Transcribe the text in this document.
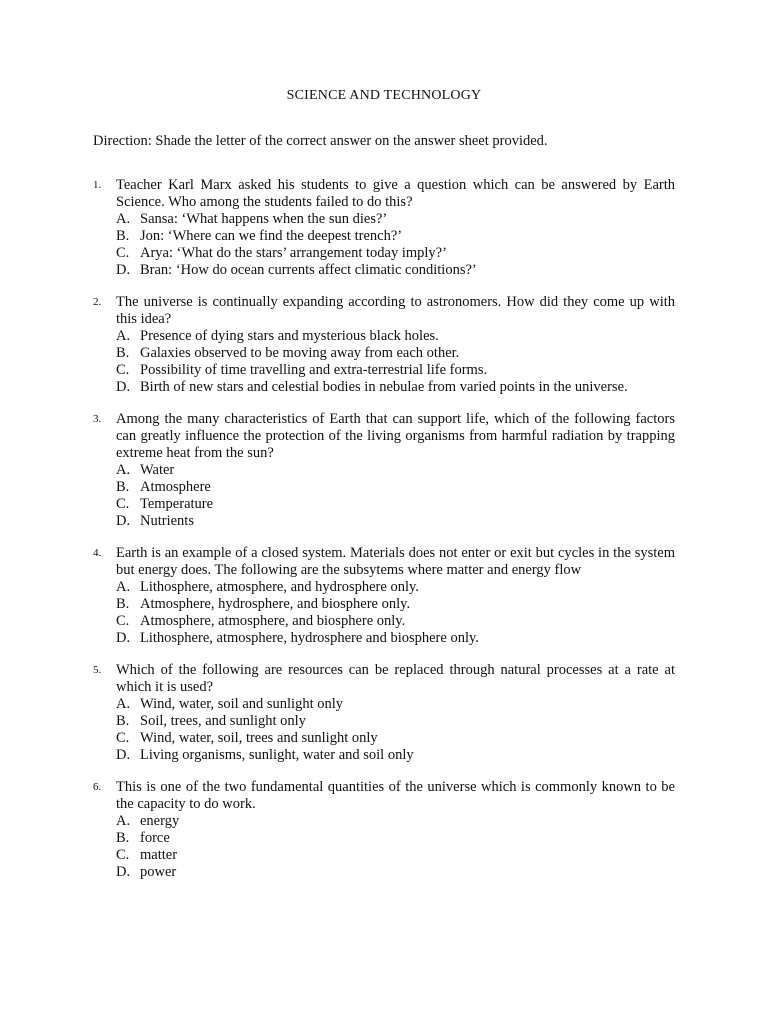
SCIENCE AND TECHNOLOGY
Direction: Shade the letter of the correct answer on the answer sheet provided.
1. Teacher Karl Marx asked his students to give a question which can be answered by Earth Science. Who among the students failed to do this?
A. Sansa: ‘What happens when the sun dies?’
B. Jon: ‘Where can we find the deepest trench?’
C. Arya: ‘What do the stars’ arrangement today imply?’
D. Bran: ‘How do ocean currents affect climatic conditions?’
2. The universe is continually expanding according to astronomers. How did they come up with this idea?
A. Presence of dying stars and mysterious black holes.
B. Galaxies observed to be moving away from each other.
C. Possibility of time travelling and extra-terrestrial life forms.
D. Birth of new stars and celestial bodies in nebulae from varied points in the universe.
3. Among the many characteristics of Earth that can support life, which of the following factors can greatly influence the protection of the living organisms from harmful radiation by trapping extreme heat from the sun?
A. Water
B. Atmosphere
C. Temperature
D. Nutrients
4. Earth is an example of a closed system. Materials does not enter or exit but cycles in the system but energy does. The following are the subsytems where matter and energy flow
A. Lithosphere, atmosphere, and hydrosphere only.
B. Atmosphere, hydrosphere, and biosphere only.
C. Atmosphere, atmosphere, and biosphere only.
D. Lithosphere, atmosphere, hydrosphere and biosphere only.
5. Which of the following are resources can be replaced through natural processes at a rate at which it is used?
A. Wind, water, soil and sunlight only
B. Soil, trees, and sunlight only
C. Wind, water, soil, trees and sunlight only
D. Living organisms, sunlight, water and soil only
6. This is one of the two fundamental quantities of the universe which is commonly known to be the capacity to do work.
A. energy
B. force
C. matter
D. power
